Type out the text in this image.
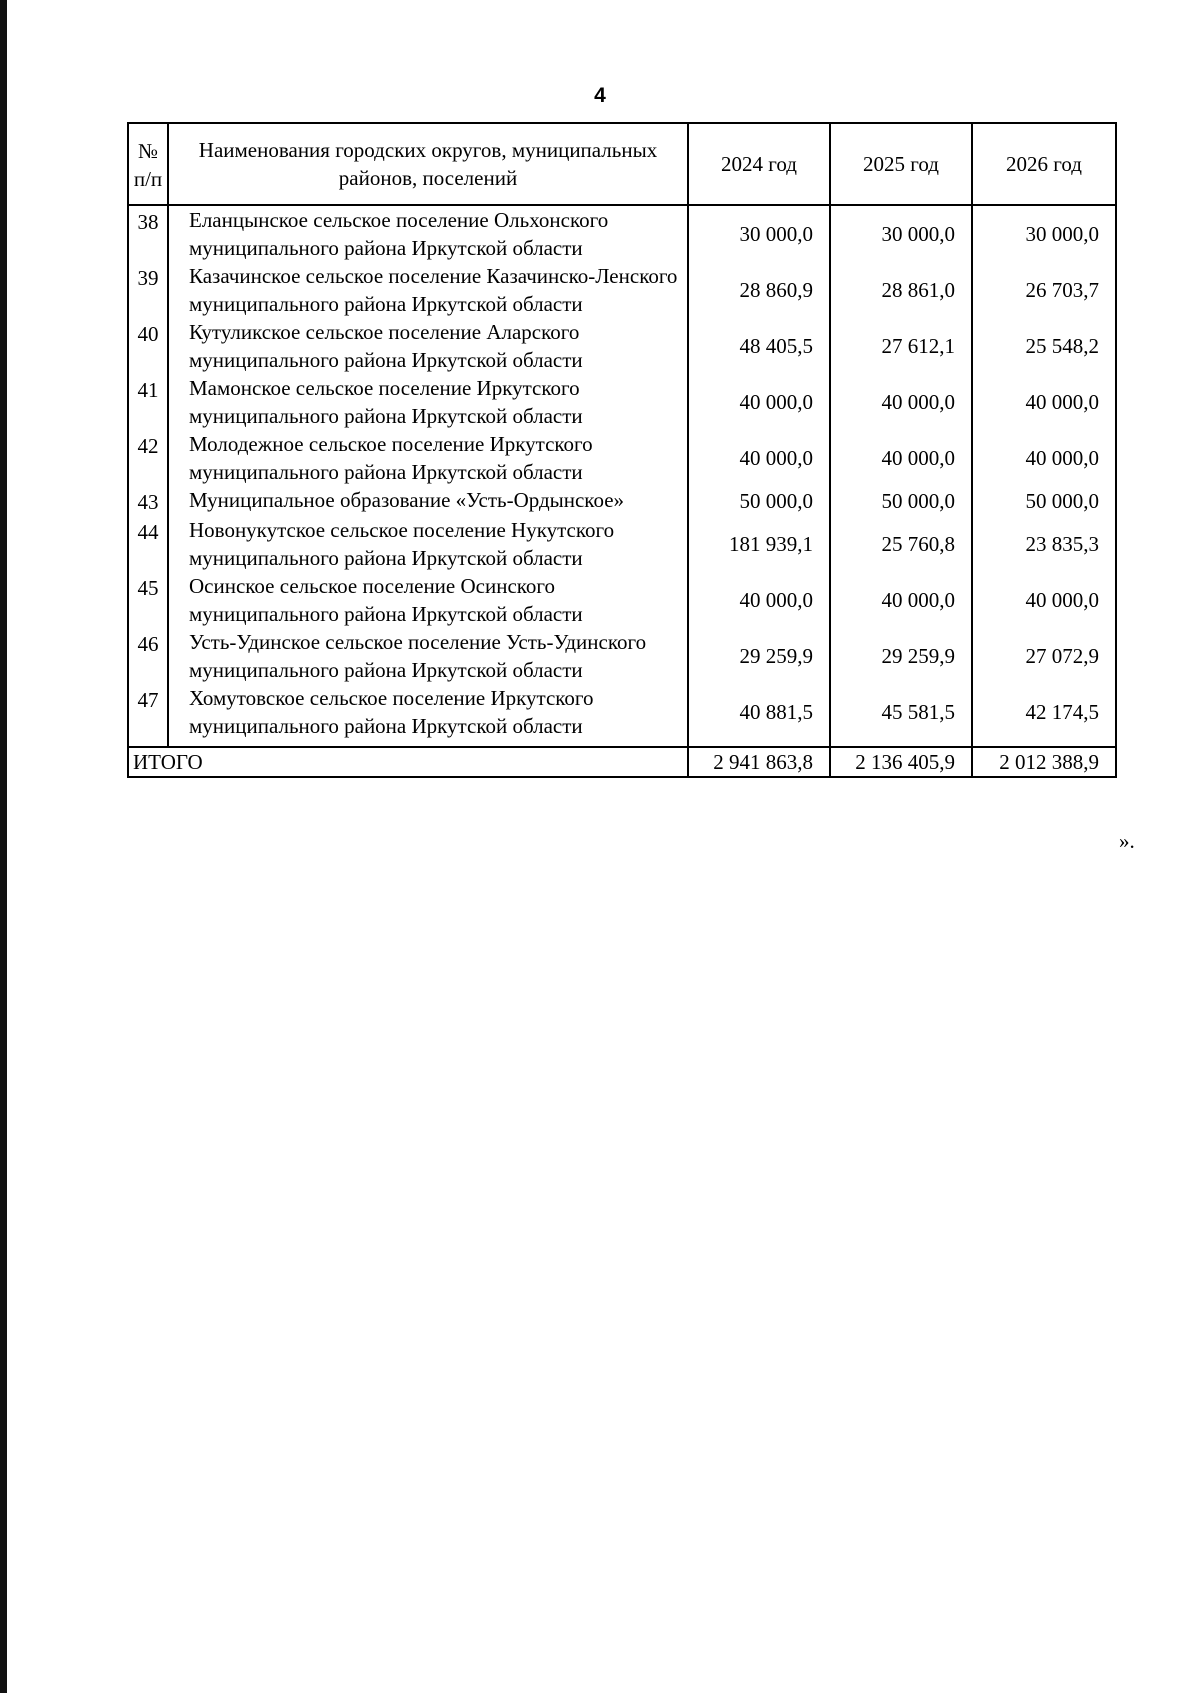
4
№ п/п	Наименования городских округов, муниципальных районов, поселений	2024 год	2025 год	2026 год
38	Еланцынское сельское поселение Ольхонского муниципального района Иркутской области	30 000,0	30 000,0	30 000,0
39	Казачинское сельское поселение Казачинско-Ленского муниципального района Иркутской области	28 860,9	28 861,0	26 703,7
40	Кутуликское сельское поселение Аларского муниципального района Иркутской области	48 405,5	27 612,1	25 548,2
41	Мамонское сельское поселение Иркутского муниципального района Иркутской области	40 000,0	40 000,0	40 000,0
42	Молодежное сельское поселение Иркутского муниципального района Иркутской области	40 000,0	40 000,0	40 000,0
43	Муниципальное образование «Усть-Ордынское»	50 000,0	50 000,0	50 000,0
44	Новонукутское сельское поселение Нукутского муниципального района Иркутской области	181 939,1	25 760,8	23 835,3
45	Осинское сельское поселение Осинского муниципального района Иркутской области	40 000,0	40 000,0	40 000,0
46	Усть-Удинское сельское поселение Усть-Удинского муниципального района Иркутской области	29 259,9	29 259,9	27 072,9
47	Хомутовское сельское поселение Иркутского муниципального района Иркутской области	40 881,5	45 581,5	42 174,5
ИТОГО		2 941 863,8	2 136 405,9	2 012 388,9
».
